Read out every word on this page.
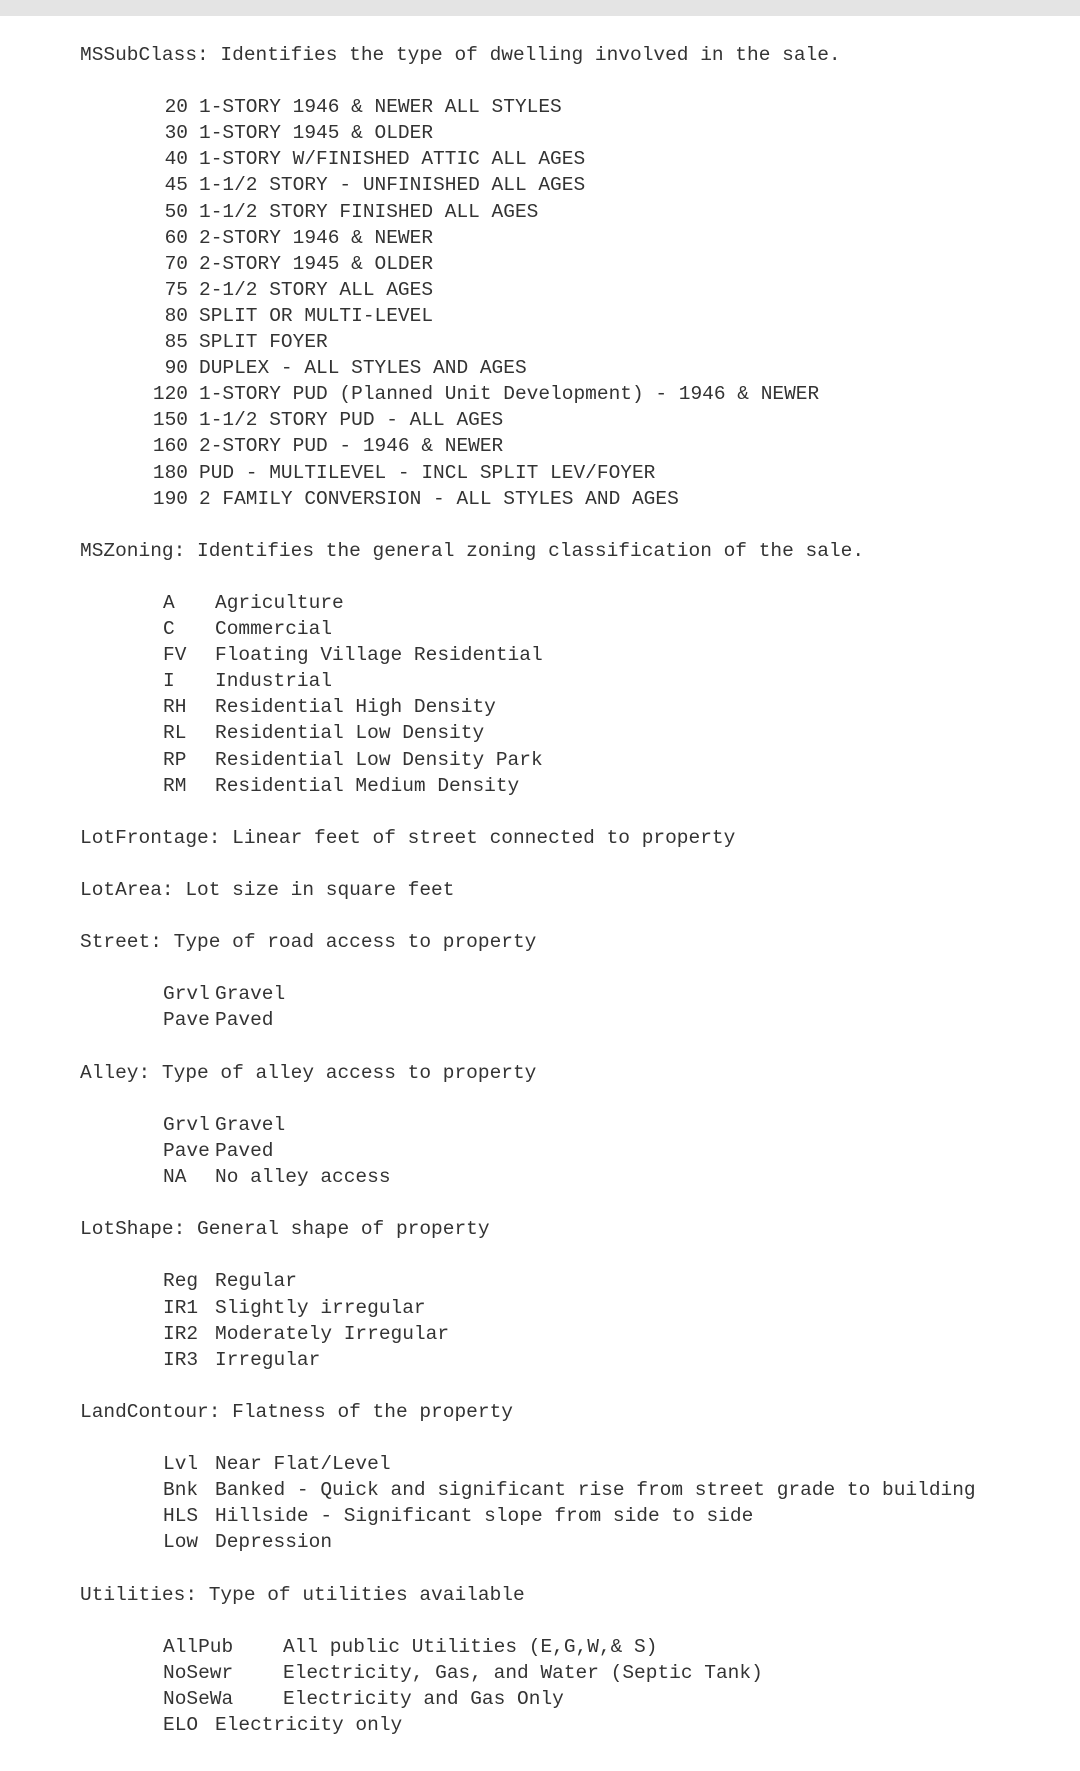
MSSubClass: Identifies the type of dwelling involved in the sale.
20 1-STORY 1946 & NEWER ALL STYLES
30 1-STORY 1945 & OLDER
40 1-STORY W/FINISHED ATTIC ALL AGES
45 1-1/2 STORY - UNFINISHED ALL AGES
50 1-1/2 STORY FINISHED ALL AGES
60 2-STORY 1946 & NEWER
70 2-STORY 1945 & OLDER
75 2-1/2 STORY ALL AGES
80 SPLIT OR MULTI-LEVEL
85 SPLIT FOYER
90 DUPLEX - ALL STYLES AND AGES
120 1-STORY PUD (Planned Unit Development) - 1946 & NEWER
150 1-1/2 STORY PUD - ALL AGES
160 2-STORY PUD - 1946 & NEWER
180 PUD - MULTILEVEL - INCL SPLIT LEV/FOYER
190 2 FAMILY CONVERSION - ALL STYLES AND AGES
MSZoning: Identifies the general zoning classification of the sale.
A Agriculture
C Commercial
FV Floating Village Residential
I Industrial
RH Residential High Density
RL Residential Low Density
RP Residential Low Density Park
RM Residential Medium Density
LotFrontage: Linear feet of street connected to property
LotArea: Lot size in square feet
Street: Type of road access to property
Grvl Gravel
Pave Paved
Alley: Type of alley access to property
Grvl Gravel
Pave Paved
NA No alley access
LotShape: General shape of property
Reg Regular
IR1 Slightly irregular
IR2 Moderately Irregular
IR3 Irregular
LandContour: Flatness of the property
Lvl Near Flat/Level
Bnk Banked - Quick and significant rise from street grade to building
HLS Hillside - Significant slope from side to side
Low Depression
Utilities: Type of utilities available
AllPub	All public Utilities (E,G,W,& S)
NoSewr	Electricity, Gas, and Water (Septic Tank)
NoSeWa	Electricity and Gas Only
ELO Electricity only
